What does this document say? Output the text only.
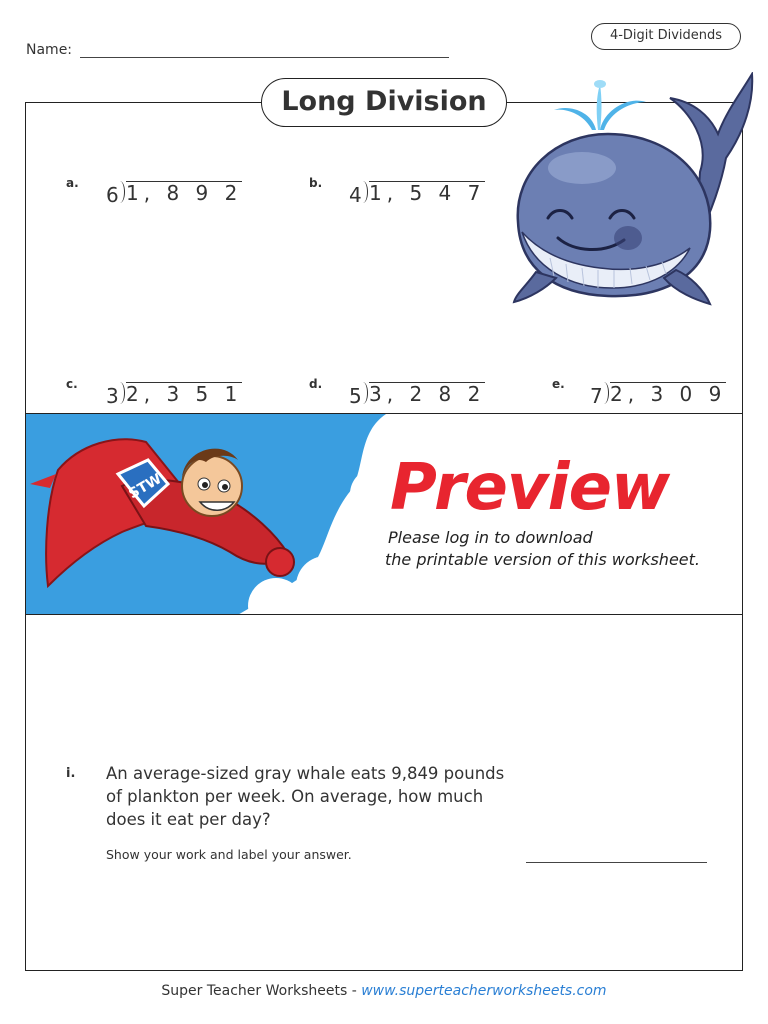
Name:
4-Digit Dividends
Long Division
a. 6 1, 8 9 2	b. 4 1, 5 4 7
c. 3 2, 3 5 1	d. 5 3, 2 8 2	e. 7 2, 3 0 9
STW	Preview
Please log in to download
the printable version of this worksheet.
i. An average-sized gray whale eats 9,849 pounds
of plankton per week. On average, how much
does it eat per day?
Show your work and label your answer.
Super Teacher Worksheets - www.superteacherworksheets.com
